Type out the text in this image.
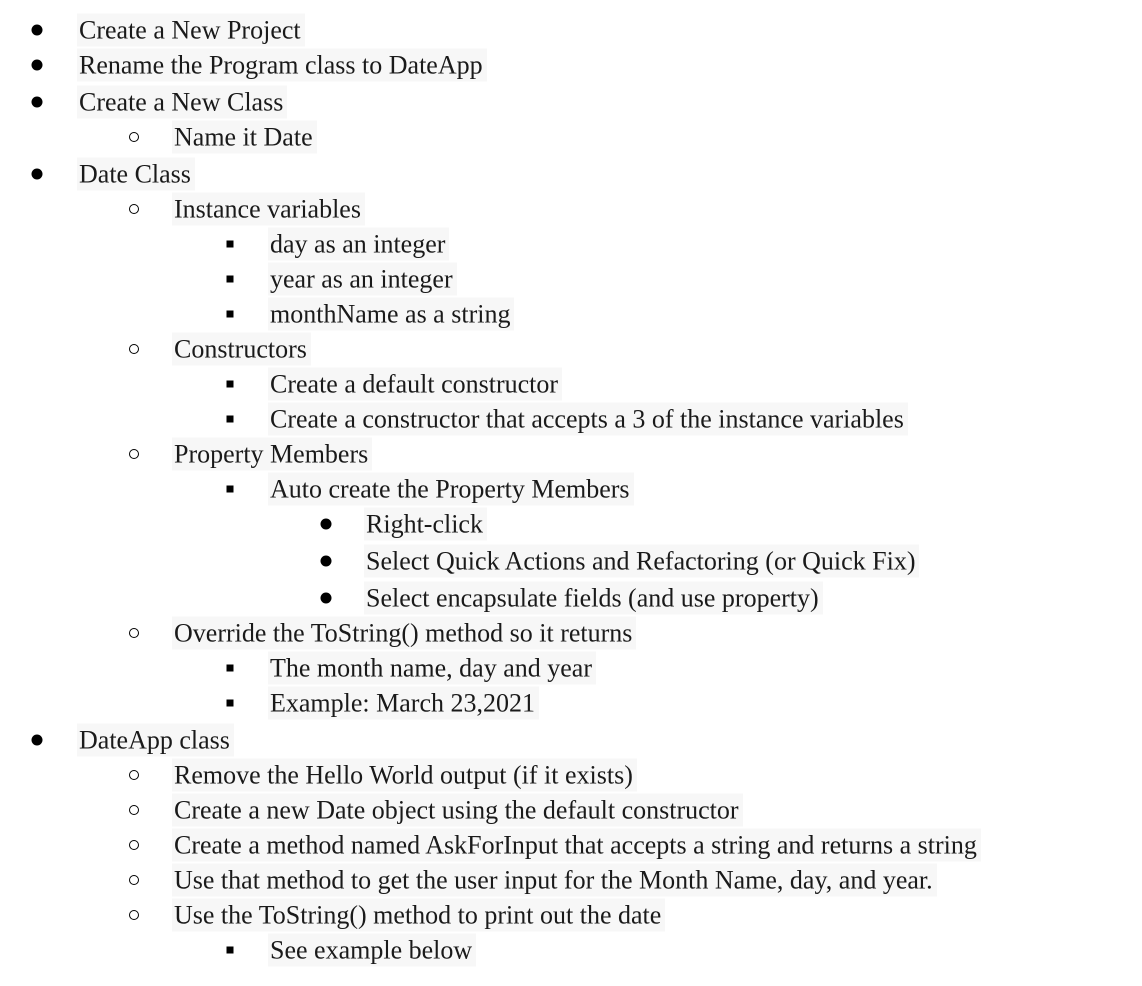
Create a New Project
Rename the Program class to DateApp
Create a New Class
Name it Date
Date Class
Instance variables
day as an integer
year as an integer
monthName as a string
Constructors
Create a default constructor
Create a constructor that accepts a 3 of the instance variables
Property Members
Auto create the Property Members
Right-click
Select Quick Actions and Refactoring (or Quick Fix)
Select encapsulate fields (and use property)
Override the ToString() method so it returns
The month name, day and year
Example: March 23,2021
DateApp class
Remove the Hello World output (if it exists)
Create a new Date object using the default constructor
Create a method named AskForInput that accepts a string and returns a string
Use that method to get the user input for the Month Name, day, and year.
Use the ToString() method to print out the date
See example below
